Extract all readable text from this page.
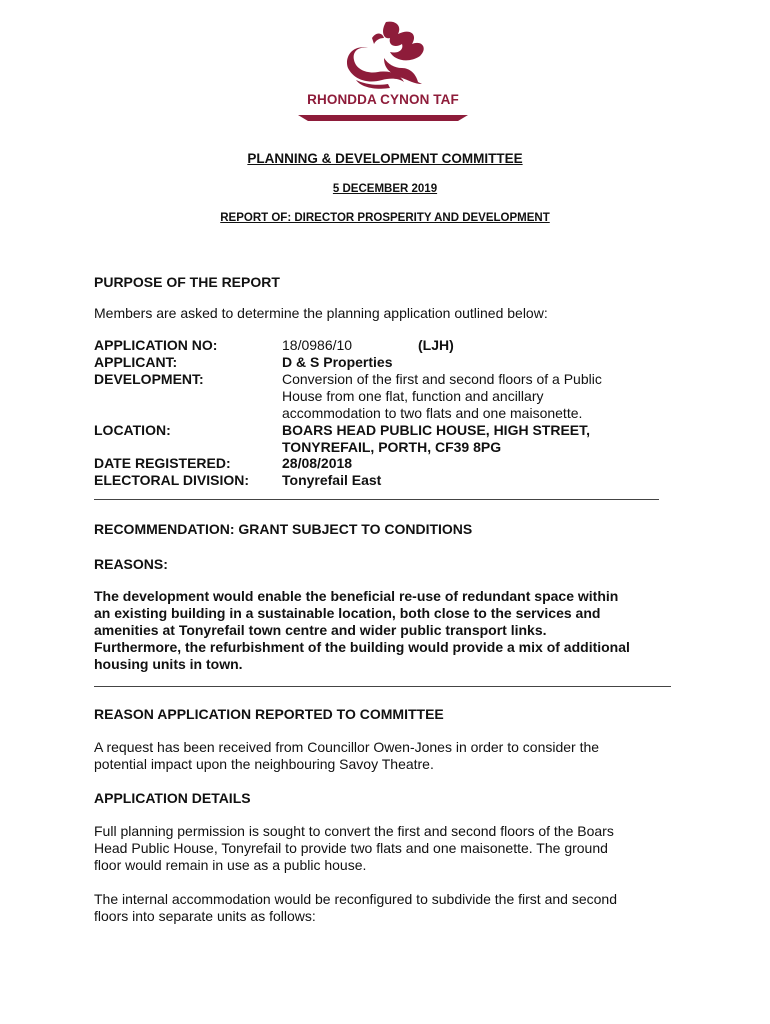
RHONDDA CYNON TAF
PLANNING & DEVELOPMENT COMMITTEE
5 DECEMBER 2019
REPORT OF: DIRECTOR PROSPERITY AND DEVELOPMENT
PURPOSE OF THE REPORT
Members are asked to determine the planning application outlined below:
APPLICATION NO:	18/0986/10	(LJH)
APPLICANT:	D & S Properties
DEVELOPMENT:	Conversion of the first and second floors of a Public
House from one flat, function and ancillary
accommodation to two flats and one maisonette.
LOCATION:	BOARS HEAD PUBLIC HOUSE, HIGH STREET,
TONYREFAIL, PORTH, CF39 8PG
DATE REGISTERED:	28/08/2018
ELECTORAL DIVISION: Tonyrefail East
RECOMMENDATION: GRANT SUBJECT TO CONDITIONS
REASONS:
The development would enable the beneficial re-use of redundant space within
an existing building in a sustainable location, both close to the services and
amenities at Tonyrefail town centre and wider public transport links.
Furthermore, the refurbishment of the building would provide a mix of additional
housing units in town.
REASON APPLICATION REPORTED TO COMMITTEE
A request has been received from Councillor Owen-Jones in order to consider the
potential impact upon the neighbouring Savoy Theatre.
APPLICATION DETAILS
Full planning permission is sought to convert the first and second floors of the Boars
Head Public House, Tonyrefail to provide two flats and one maisonette. The ground
floor would remain in use as a public house.
The internal accommodation would be reconfigured to subdivide the first and second
floors into separate units as follows:
